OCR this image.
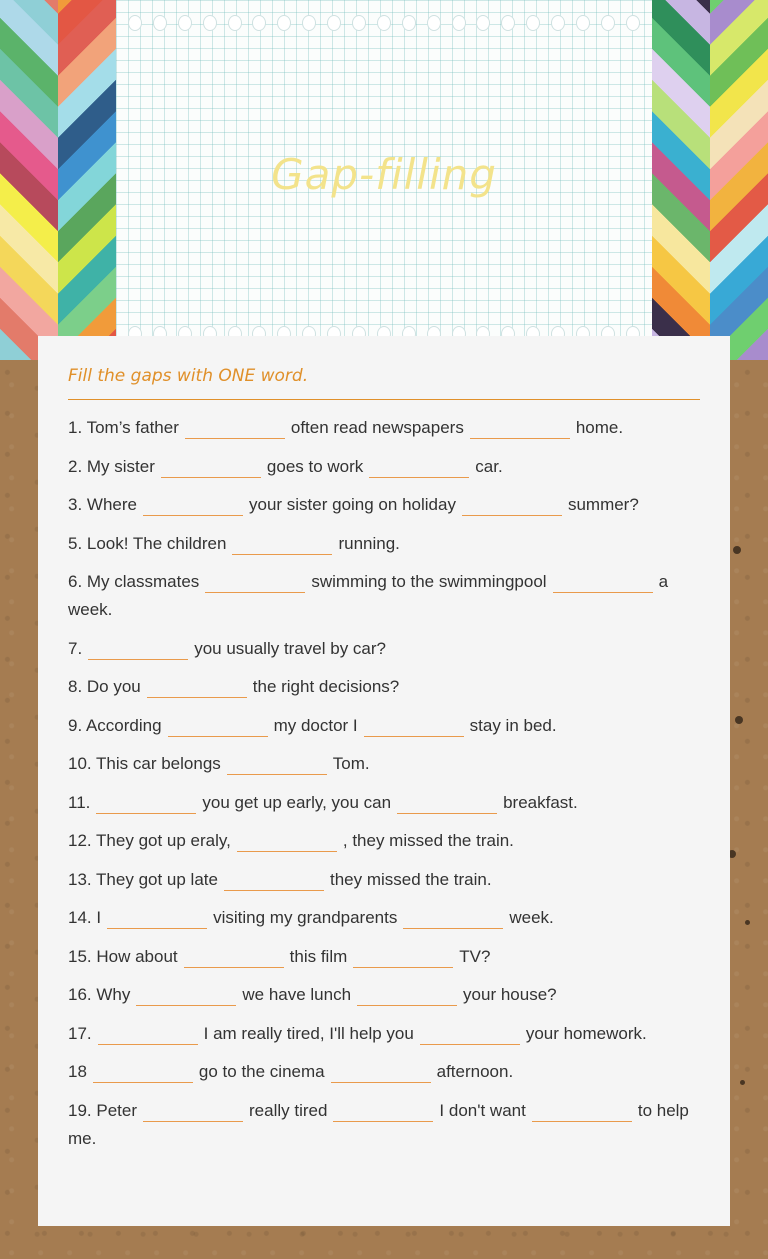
Gap-filling
Fill the gaps with ONE word.
1. Tom’s father	often read newspapers	home.
2. My sister	goes to work	car.
3. Where	your sister going on holiday	summer?
5. Look! The children	running.
6. My classmates	swimming to the swimmingpool	a week.
7.	you usually travel by car?
8. Do you	the right decisions?
9. According	my doctor I	stay in bed.
10. This car belongs	Tom.
11.	you get up early, you can	breakfast.
12. They got up eraly,	, they missed the train.
13. They got up late	they missed the train.
14. I	visiting my grandparents	week.
15. How about	this film	TV?
16. Why	we have lunch	your house?
17.	I am really tired, I'll help you	your homework.
18	go to the cinema	afternoon.
19. Peter	really tired	I don't want	to help me.
